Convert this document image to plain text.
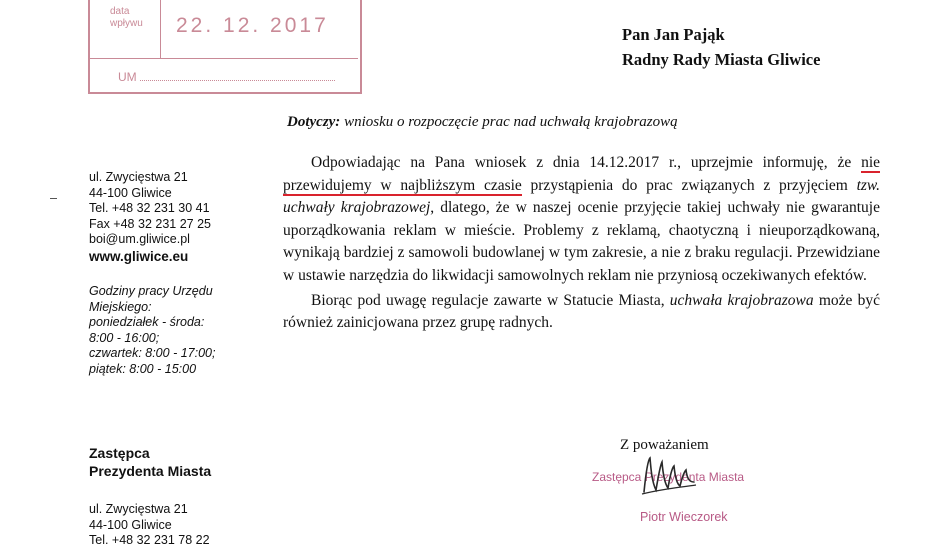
data
wpływu 22. 12. 2017
UM
Pan Jan Pająk
Radny Rady Miasta Gliwice
Dotyczy: wniosku o rozpoczęcie prac nad uchwałą krajobrazową
ul. Zwycięstwa 21
44-100 Gliwice
Tel. +48 32 231 30 41
Fax +48 32 231 27 25
boi@um.gliwice.pl
www.gliwice.eu
Godziny pracy Urzędu
Miejskiego:
poniedziałek - środa:
8:00 - 16:00;
czwartek: 8:00 - 17:00;
piątek: 8:00 - 15:00
Zastępca
Prezydenta Miasta
ul. Zwycięstwa 21
44-100 Gliwice
Tel. +48 32 231 78 22

Odpowiadając na Pana wniosek z dnia 14.12.2017 r., uprzejmie informuję, że nie przewidujemy w najbliższym czasie przystąpienia do prac związanych z przyjęciem tzw. uchwały krajobrazowej, dlatego, że w naszej ocenie przyjęcie takiej uchwały nie gwarantuje uporządkowania reklam w mieście. Problemy z reklamą, chaotyczną i nieuporządkowaną, wynikają bardziej z samowoli budowlanej w tym zakresie, a nie z braku regulacji. Przewidziane w ustawie narzędzia do likwidacji samowolnych reklam nie przyniosą oczekiwanych efektów.

Biorąc pod uwagę regulacje zawarte w Statucie Miasta, uchwała krajobrazowa może być również zainicjowana przez grupę radnych.

Z poważaniem
Zastępca Prezydenta Miasta
Piotr Wieczorek
